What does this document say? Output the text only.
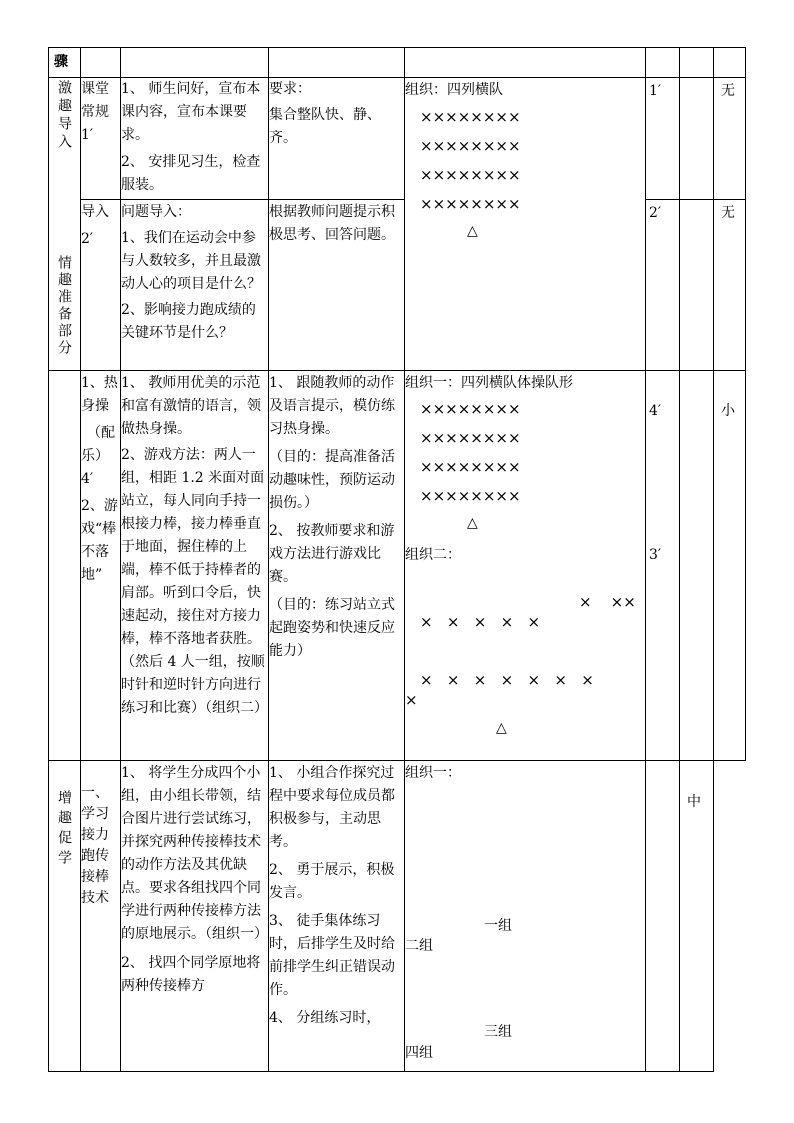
骤
激趣导入 课堂常规1′

1、 师生问好，宣布本课内容，宣布本课要求。

2、 安排见习生，检查服装。

要求：

集合整队快、静、齐。

组织：四列横队
××××××××
××××××××
××××××××
××××××××
△
1′	无
情趣准备部分

导入

2′

问题导入：

1、我们在运动会中参与人数较多，并且最激动人心的项目是什么？

2、影响接力跑成绩的关键环节是什么？

根据教师问题提示积极思考、回答问题。
2′	无

1、热身操

（配乐）

4′

2、游戏“棒不落地”

1、 教师用优美的示范和富有激情的语言，领做热身操。

2、游戏方法：两人一组，相距 1.2 米面对面站立，每人同向手持一根接力棒，接力棒垂直于地面，握住棒的上端，棒不低于持棒者的肩部。听到口令后，快速起动，接住对方接力棒，棒不落地者获胜。（然后 4 人一组，按顺时针和逆时针方向进行练习和比赛）（组织二）

1、 跟随教师的动作及语言提示，模仿练习热身操。

（目的：提高准备活动趣味性，预防运动损伤。）

2、 按教师要求和游戏方法进行游戏比赛。

（目的：练习站立式起跑姿势和快速反应能力）

组织一：四列横队体操队形
××××××××
××××××××
××××××××
××××××××
△
组织二：
×    ××
×   ×   ×   ×   ×
×   ×   ×   ×   ×   ×   ×
×
△
4′
3′
小
增趣促学 一、学习接力跑传接棒技术

1、 将学生分成四个小组，由小组长带领，结合图片进行尝试练习，并探究两种传接棒技术的动作方法及其优缺点。要求各组找四个同学进行两种传接棒方法的原地展示。（组织一）

2、 找四个同学原地将两种传接棒方

1、 小组合作探究过程中要求每位成员都积极参与，主动思考。

2、 勇于展示，积极发言。

3、 徒手集体练习时，后排学生及时给前排学生纠正错误动作。

4、 分组练习时，

组织一：
一组
二组
三组
四组
中
